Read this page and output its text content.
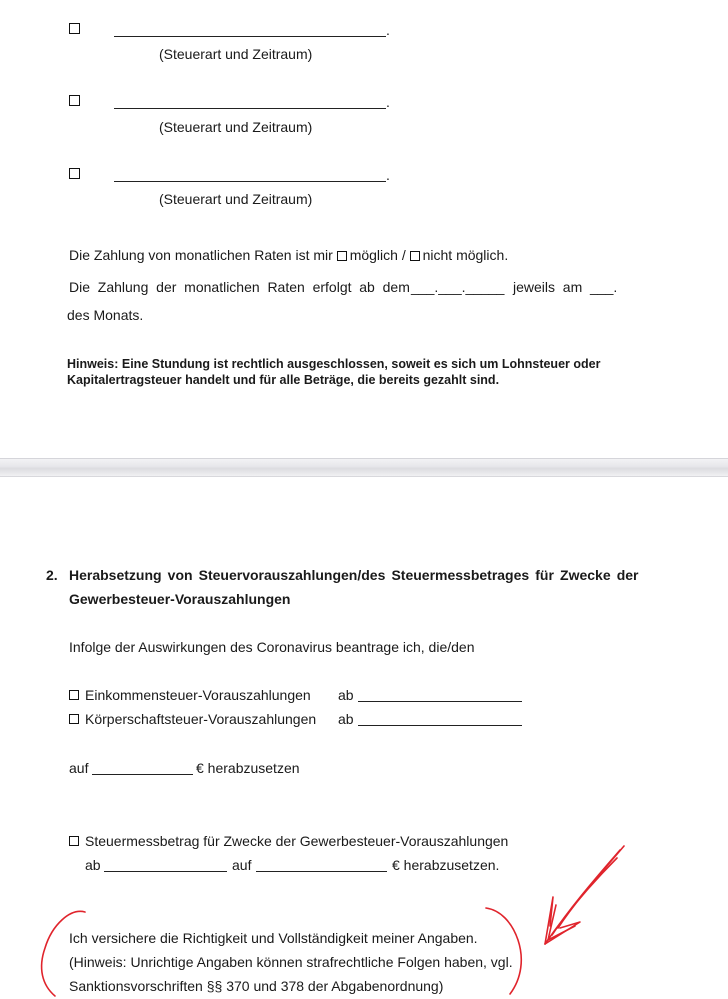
.
(Steuerart und Zeitraum)
.
(Steuerart und Zeitraum)
.
(Steuerart und Zeitraum)
Die Zahlung von monatlichen Raten ist mir möglich / nicht möglich.
Die  Zahlung  der  monatlichen  Raten  erfolgt  ab  dem ___.___._____ jeweils  am ___.
des Monats.
Hinweis: Eine Stundung ist rechtlich ausgeschlossen, soweit es sich um Lohnsteuer oder
Kapitalertragsteuer handelt und für alle Beträge, die bereits gezahlt sind.
2. Herabsetzung von Steuervorauszahlungen/des Steuermessbetrages für Zwecke der
Gewerbesteuer-Vorauszahlungen
Infolge der Auswirkungen des Coronavirus beantrage ich, die/den
Einkommensteuer-Vorauszahlungen ab
Körperschaftsteuer-Vorauszahlungen ab
auf	€ herabzusetzen
Steuermessbetrag für Zwecke der Gewerbesteuer-Vorauszahlungen
ab	auf	€ herabzusetzen.
Ich versichere die Richtigkeit und Vollständigkeit meiner Angaben.
(Hinweis: Unrichtige Angaben können strafrechtliche Folgen haben, vgl.
Sanktionsvorschriften §§ 370 und 378 der Abgabenordnung)
